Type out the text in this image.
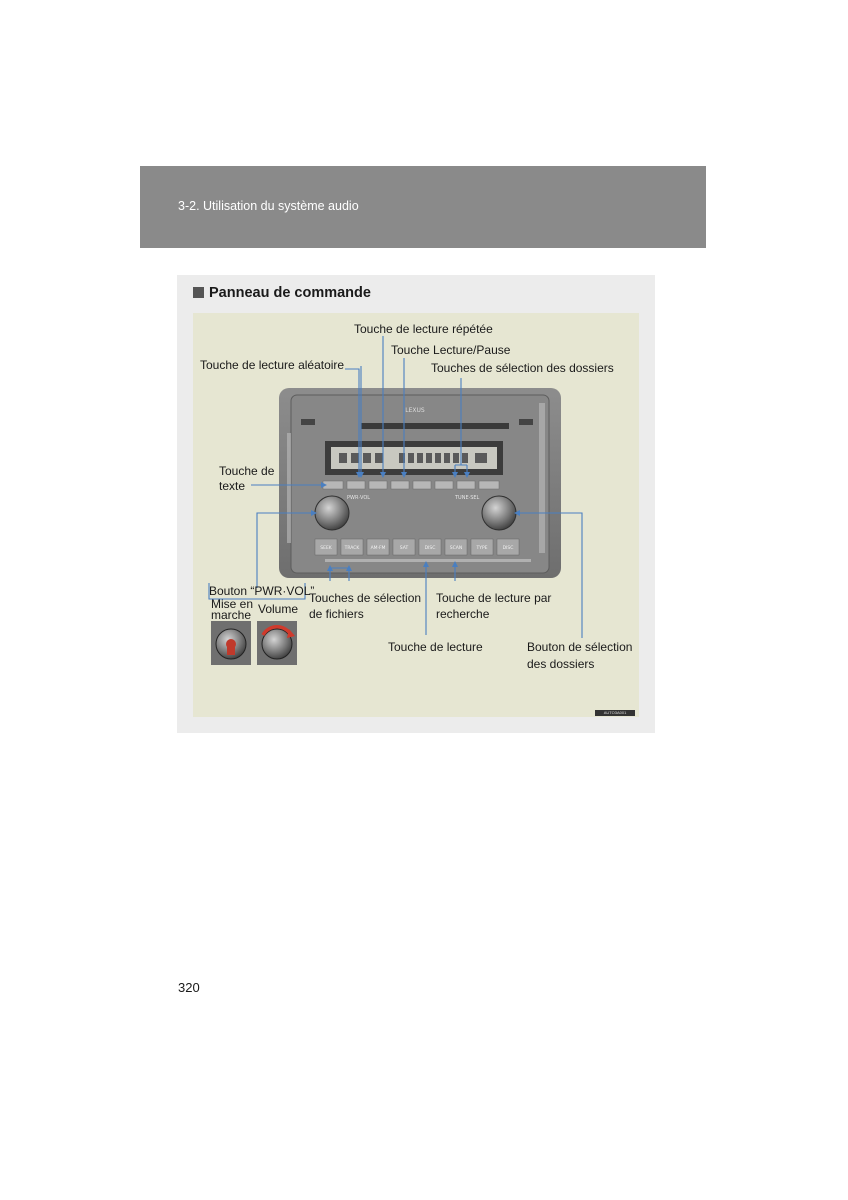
3-2. Utilisation du système audio
Panneau de commande
LEXUS
PWR·VOL	TUNE·SEL
SEEK	TRACK AM·FM	SAT	DISC	SCAN	TYPE	DISC
Touche de lecture répétée
Touche Lecture/Pause
Touche de lecture aléatoire	Touches de sélection des dossiers
Touche de
texte
Bouton “PWR·VOL”
Mise en
marche Volume
Touches de sélection
de fichiers
Touche de lecture par
recherche
Touche de lecture	Bouton de sélection
des dossiers
AUTO3A001
320
